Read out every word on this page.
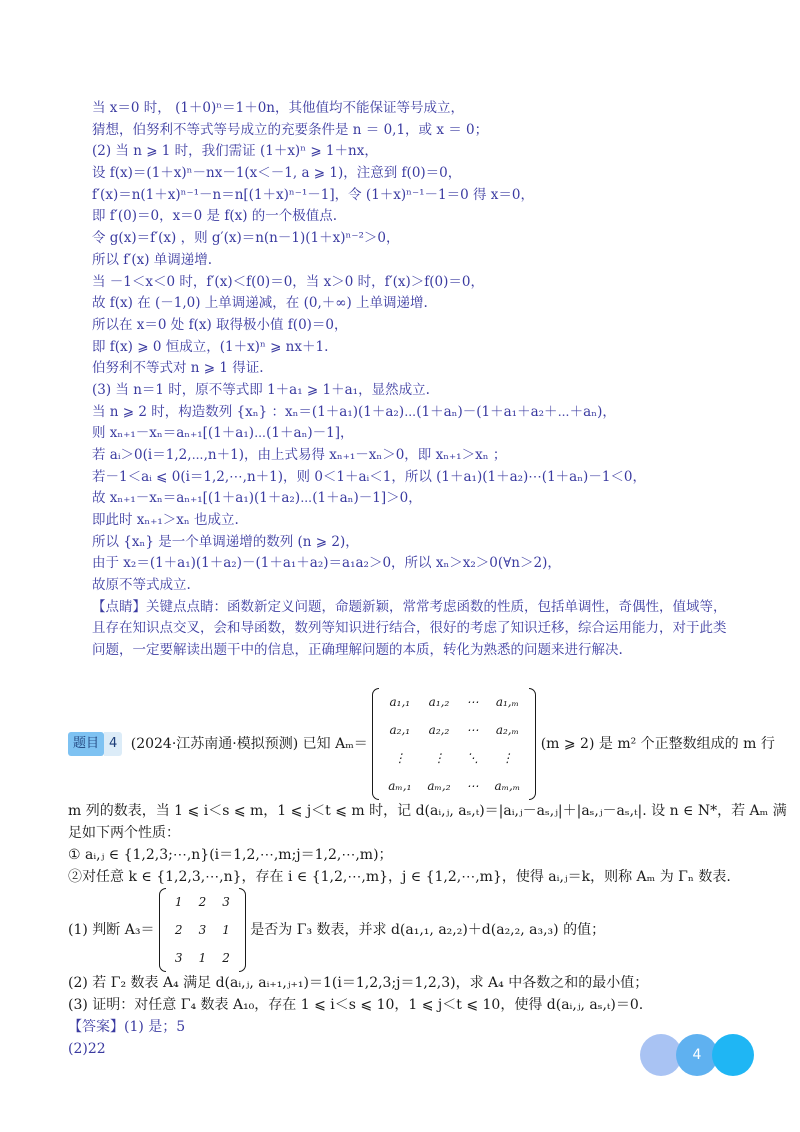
当 x＝0 时， (1＋0)ⁿ＝1＋0n，其他值均不能保证等号成立，
猜想，伯努利不等式等号成立的充要条件是 n ＝ 0,1，或 x ＝ 0；
(2) 当 n ⩾ 1 时，我们需证 (1＋x)ⁿ ⩾ 1＋nx，
设 f(x)＝(1＋x)ⁿ－nx－1(x＜－1, a ⩾ 1)，注意到 f(0)＝0，
f′(x)＝n(1＋x)ⁿ⁻¹－n＝n[(1＋x)ⁿ⁻¹－1]，令 (1＋x)ⁿ⁻¹－1＝0 得 x＝0，
即 f′(0)＝0，x＝0 是 f(x) 的一个极值点.
令 g(x)＝f′(x) ，则 g′(x)＝n(n－1)(1＋x)ⁿ⁻²＞0，
所以 f′(x) 单调递增.
当 －1＜x＜0 时，f′(x)＜f(0)＝0，当 x＞0 时，f′(x)＞f(0)＝0，
故 f(x) 在 (－1,0) 上单调递减，在 (0,＋∞) 上单调递增.
所以在 x＝0 处 f(x) 取得极小值 f(0)＝0，
即 f(x) ⩾ 0 恒成立，(1＋x)ⁿ ⩾ nx＋1.
伯努利不等式对 n ⩾ 1 得证.
(3) 当 n＝1 时，原不等式即 1＋a₁ ⩾ 1＋a₁，显然成立.
当 n ⩾ 2 时，构造数列 {xₙ} ：xₙ＝(1＋a₁)(1＋a₂)⋯(1＋aₙ)－(1＋a₁＋a₂＋⋯＋aₙ)，
则 xₙ₊₁－xₙ＝aₙ₊₁[(1＋a₁)⋯(1＋aₙ)－1]，
若 aᵢ＞0(i＝1,2,⋯,n＋1)，由上式易得 xₙ₊₁－xₙ＞0，即 xₙ₊₁＞xₙ ；
若－1＜aᵢ ⩽ 0(i＝1,2,⋯,n＋1)，则 0＜1＋aᵢ＜1，所以 (1＋a₁)(1＋a₂)⋯(1＋aₙ)－1＜0，
故 xₙ₊₁－xₙ＝aₙ₊₁[(1＋a₁)(1＋a₂)⋯(1＋aₙ)－1]＞0，
即此时 xₙ₊₁＞xₙ 也成立.
所以 {xₙ} 是一个单调递增的数列 (n ⩾ 2)，
由于 x₂＝(1＋a₁)(1＋a₂)－(1＋a₁＋a₂)＝a₁a₂＞0，所以 xₙ＞x₂＞0(∀n＞2)，
故原不等式成立.
【点睛】关键点点睛：函数新定义问题，命题新颖，常常考虑函数的性质，包括单调性，奇偶性，值域等，且存在知识点交叉，会和导函数，数列等知识进行结合，很好的考虑了知识迁移，综合运用能力，对于此类问题，一定要解读出题干中的信息，正确理解问题的本质，转化为熟悉的问题来进行解决.
题目 4 (2024·江苏南通·模拟预测) 已知 Aₘ＝
a₁,₁	a₁,₂	⋯	a₁,ₘ
a₂,₁	a₂,₂	⋯	a₂,ₘ
⋮	⋮	⋱	⋮
aₘ,₁	aₘ,₂	⋯	aₘ,ₘ
(m ⩾ 2) 是 m² 个正整数组成的 m 行
m 列的数表，当 1 ⩽ i＜s ⩽ m，1 ⩽ j＜t ⩽ m 时，记 d(aᵢ,ⱼ, aₛ,ₜ)＝|aᵢ,ⱼ－aₛ,ⱼ|＋|aₛ,ⱼ－aₛ,ₜ|. 设 n ∈ N*，若 Aₘ 满
足如下两个性质：
① aᵢ,ⱼ ∈ {1,2,3;⋯,n}(i＝1,2,⋯,m;j＝1,2,⋯,m)；
②对任意 k ∈ {1,2,3,⋯,n}，存在 i ∈ {1,2,⋯,m}，j ∈ {1,2,⋯,m}，使得 aᵢ,ⱼ＝k，则称 Aₘ 为 Γₙ 数表.
(1) 判断 A₃＝
1	2	3
2	3	1
3	1	2
是否为 Γ₃ 数表，并求 d(a₁,₁, a₂,₂)＋d(a₂,₂, a₃,₃) 的值；
(2) 若 Γ₂ 数表 A₄ 满足 d(aᵢ,ⱼ, aᵢ₊₁,ⱼ₊₁)＝1(i＝1,2,3;j＝1,2,3)，求 A₄ 中各数之和的最小值；
(3) 证明：对任意 Γ₄ 数表 A₁₀，存在 1 ⩽ i＜s ⩽ 10，1 ⩽ j＜t ⩽ 10，使得 d(aᵢ,ⱼ, aₛ,ₜ)＝0.
【答案】(1) 是；5
(2)22	4
